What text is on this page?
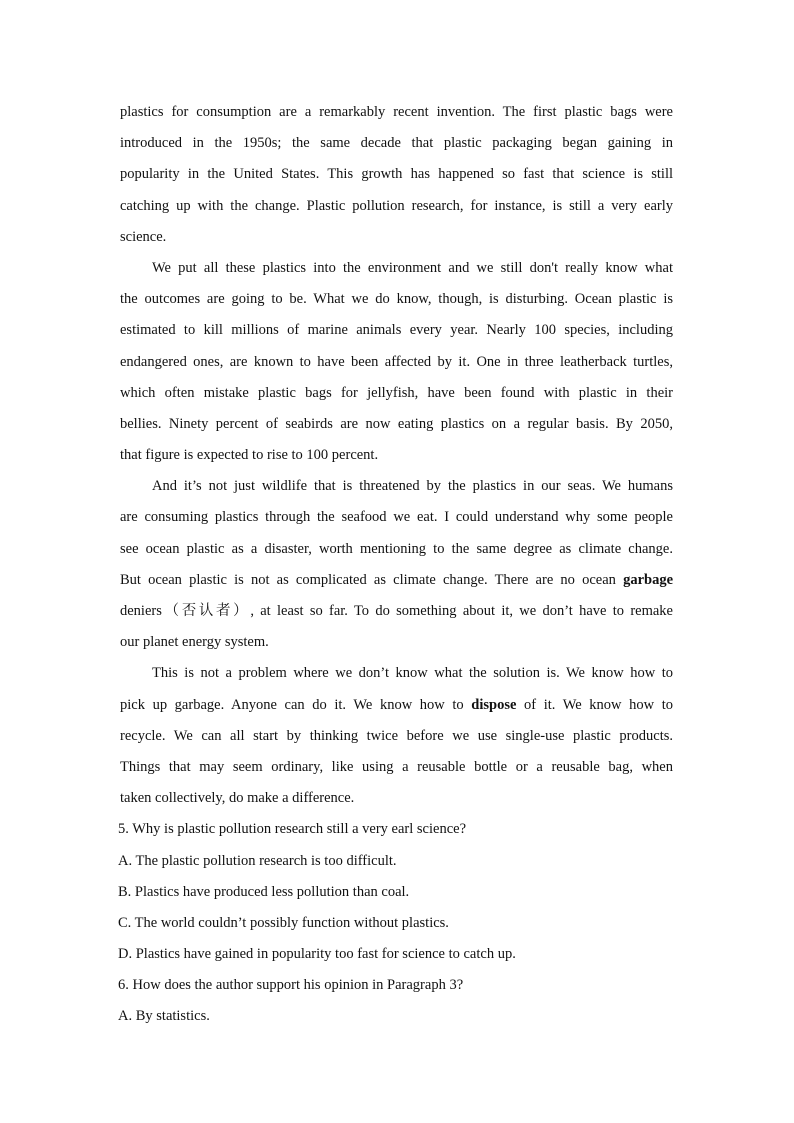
plastics for consumption are a remarkably recent invention. The first plastic bags were
introduced in the 1950s; the same decade that plastic packaging began gaining in
popularity in the United States. This growth has happened so fast that science is still
catching up with the change. Plastic pollution research, for instance, is still a very early
science.
We put all these plastics into the environment and we still don't really know what
the outcomes are going to be. What we do know, though, is disturbing. Ocean plastic is
estimated to kill millions of marine animals every year. Nearly 100 species, including
endangered ones, are known to have been affected by it. One in three leatherback turtles,
which often mistake plastic bags for jellyfish, have been found with plastic in their
bellies. Ninety percent of seabirds are now eating plastics on a regular basis. By 2050,
that figure is expected to rise to 100 percent.
And it’s not just wildlife that is threatened by the plastics in our seas. We humans
are consuming plastics through the seafood we eat. I could understand why some people
see ocean plastic as a disaster, worth mentioning to the same degree as climate change.
But ocean plastic is not as complicated as climate change. There are no ocean garbage
deniers（否认者）, at least so far. To do something about it, we don’t have to remake
our planet energy system.
This is not a problem where we don’t know what the solution is. We know how to
pick up garbage. Anyone can do it. We know how to dispose of it. We know how to
recycle. We can all start by thinking twice before we use single-use plastic products.
Things that may seem ordinary, like using a reusable bottle or a reusable bag, when
taken collectively, do make a difference.
5. Why is plastic pollution research still a very earl science?
A. The plastic pollution research is too difficult.
B. Plastics have produced less pollution than coal.
C. The world couldn’t possibly function without plastics.
D. Plastics have gained in popularity too fast for science to catch up.
6. How does the author support his opinion in Paragraph 3?
A. By statistics.
